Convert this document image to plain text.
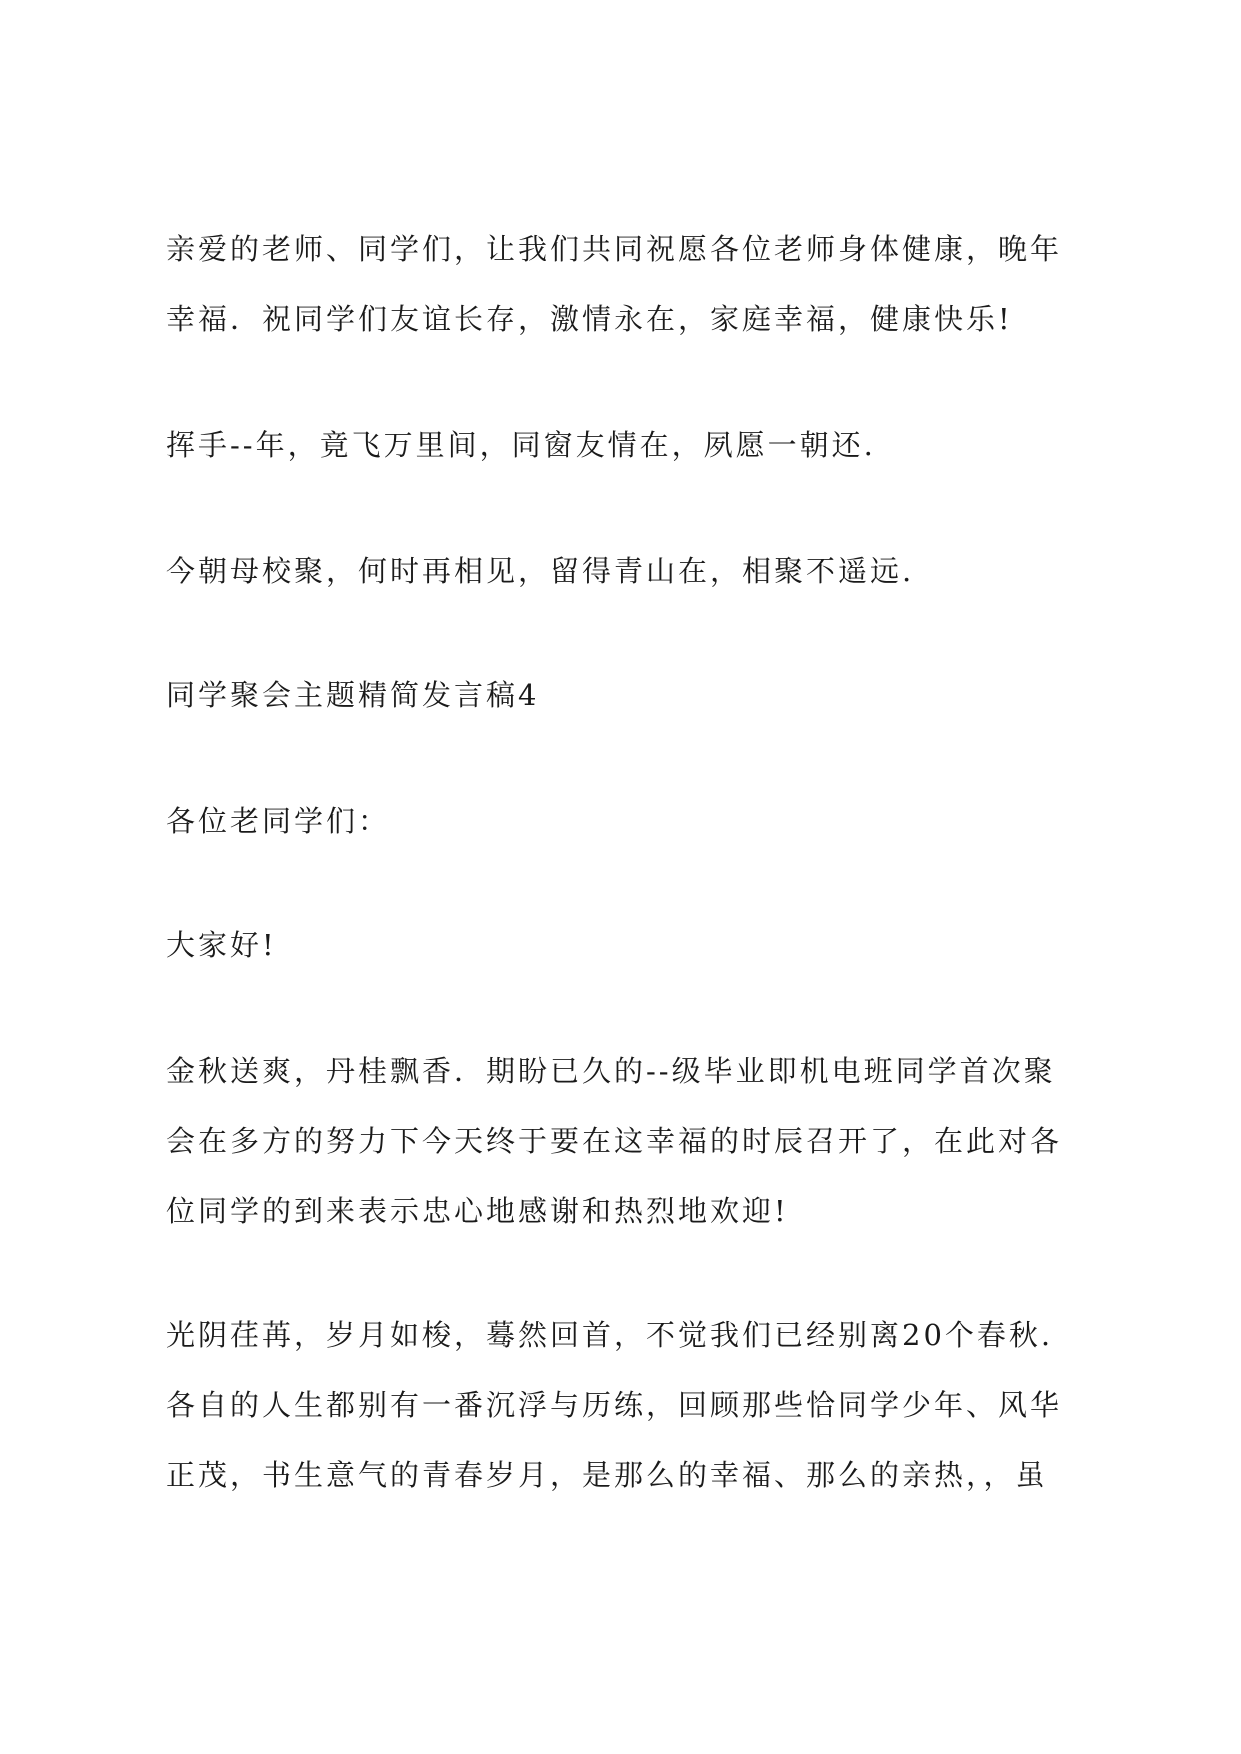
亲爱的老师、同学们，让我们共同祝愿各位老师身体健康，晚年
幸福．祝同学们友谊长存，激情永在，家庭幸福，健康快乐!

挥手--年，竟飞万里间，同窗友情在，夙愿一朝还.

今朝母校聚，何时再相见，留得青山在，相聚不遥远.

同学聚会主题精简发言稿4

各位老同学们：

大家好!

金秋送爽，丹桂飘香．期盼已久的--级毕业即机电班同学首次聚
会在多方的努力下今天终于要在这幸福的时辰召开了，在此对各
位同学的到来表示忠心地感谢和热烈地欢迎!

光阴荏苒，岁月如梭，蓦然回首，不觉我们已经别离20个春秋.
各自的人生都别有一番沉浮与历练，回顾那些恰同学少年、风华
正茂，书生意气的青春岁月，是那么的幸福、那么的亲热，，虽
